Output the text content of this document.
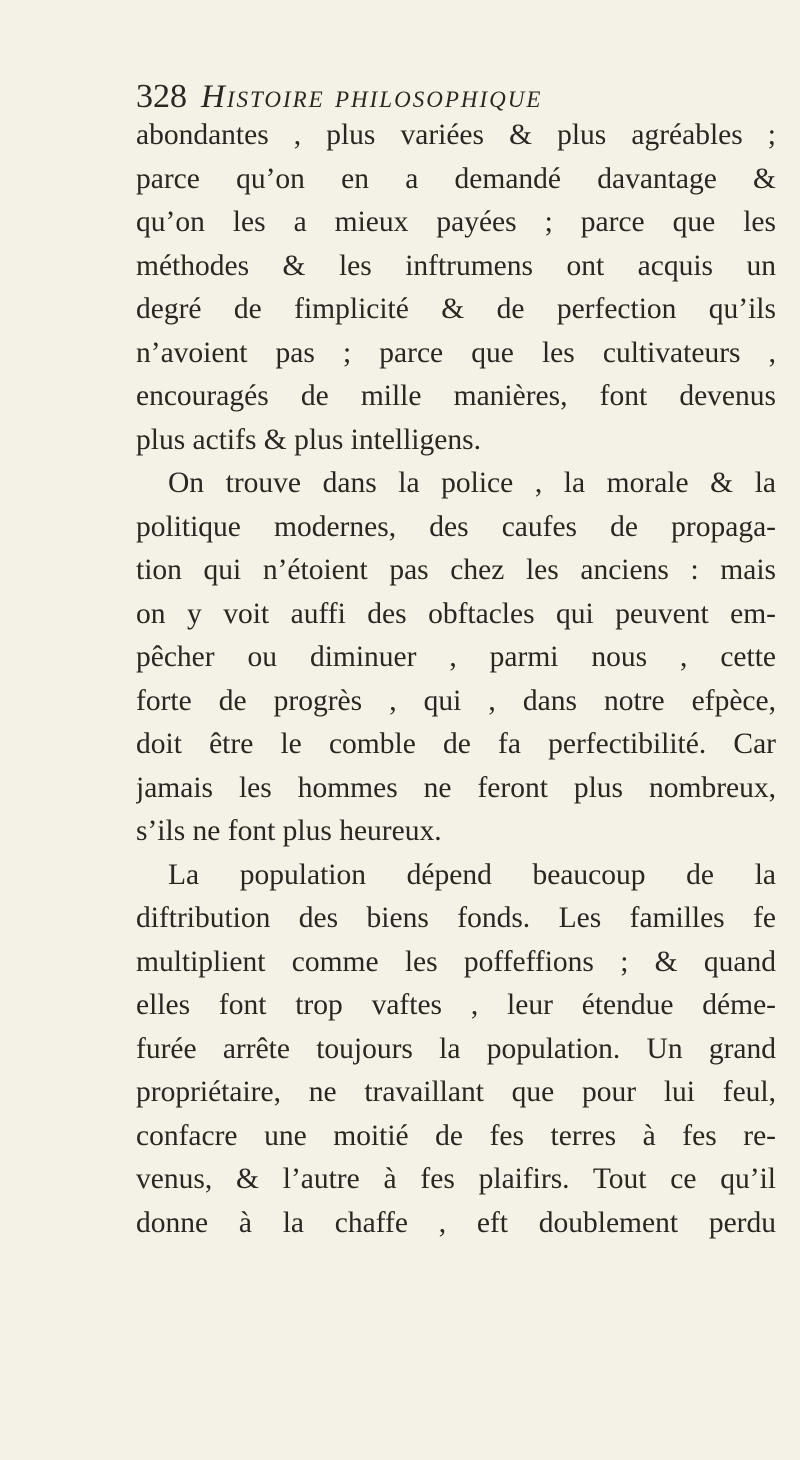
328 Histoire philosophique
abondantes , plus variées & plus agréables ;
parce qu’on en a demandé davantage &
qu’on les a mieux payées ; parce que les
méthodes & les inftrumens ont acquis un
degré de fimplicité & de perfection qu’ils
n’avoient pas ; parce que les cultivateurs ,
encouragés de mille manières, font devenus
plus actifs & plus intelligens.
On trouve dans la police , la morale & la
politique modernes, des caufes de propaga-
tion qui n’étoient pas chez les anciens : mais
on y voit auffi des obftacles qui peuvent em-
pêcher ou diminuer , parmi nous , cette
forte de progrès , qui , dans notre efpèce,
doit être le comble de fa perfectibilité. Car
jamais les hommes ne feront plus nombreux,
s’ils ne font plus heureux.
La population dépend beaucoup de la
diftribution des biens fonds. Les familles fe
multiplient comme les poffeffions ; & quand
elles font trop vaftes , leur étendue déme-
furée arrête toujours la population. Un grand
propriétaire, ne travaillant que pour lui feul,
confacre une moitié de fes terres à fes re-
venus, & l’autre à fes plaifirs. Tout ce qu’il
donne à la chaffe , eft doublement perdu
